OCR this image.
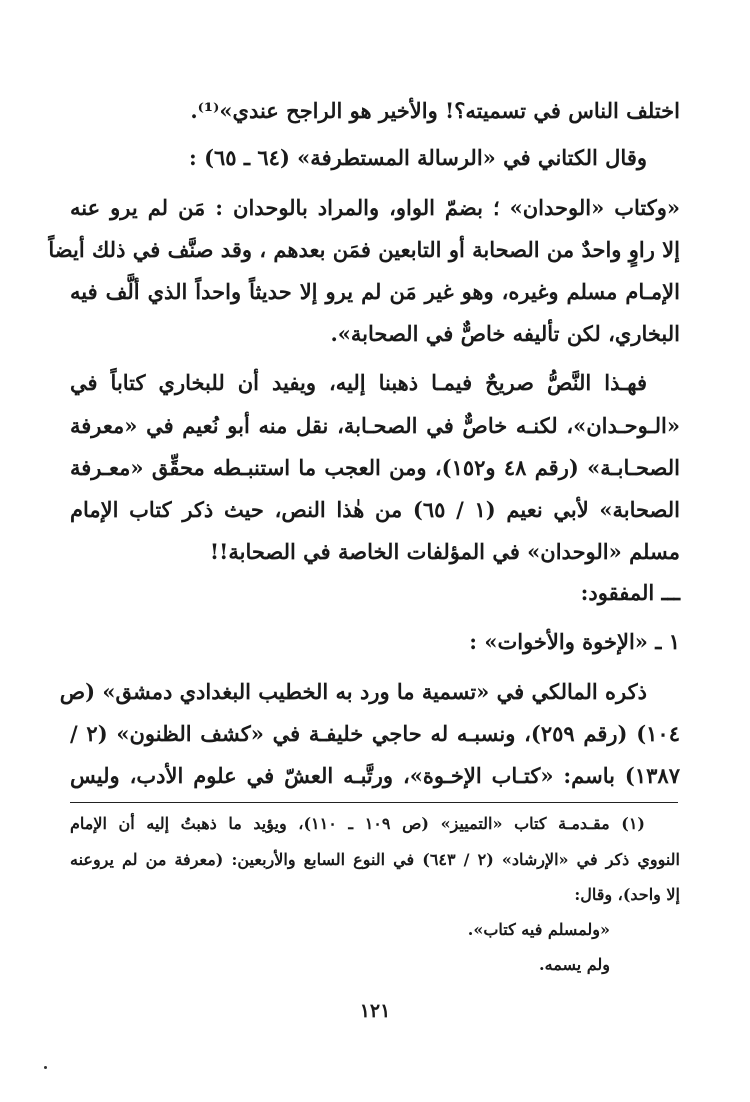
اختلف الناس في تسميته؟! والأخير هو الراجح عندي»⁽¹⁾.
وقال الكتاني في «الرسالة المستطرفة» (٦٤ ـ ٦٥) :
«وكتاب «الوحدان» ؛ بضمّ الواو، والمراد بالوحدان : مَن لم يرو عنه
إلا راوٍ واحدٌ من الصحابة أو التابعين فمَن بعدهم ، وقد صنَّف في ذلك أيضاً
الإمـام مسلم وغيره، وهو غير مَن لم يرو إلا حديثاً واحداً الذي ألَّف فيه
البخاري، لكن تأليفه خاصٌّ في الصحابة».
فهـذا النَّصُّ صريحٌ فيمـا ذهبنا إليه، ويفيد أن للبخاري كتاباً في
«الـوحـدان»، لكنـه خاصٌّ في الصحـابة، نقل منه أبو نُعيم في «معرفة
الصحـابـة» (رقم ٤٨ و١٥٢)، ومن العجب ما استنبـطه محقِّق «معـرفة
الصحابة» لأبي نعيم (١ / ٦٥) من هٰذا النص، حيث ذكر كتاب الإمام
مسلم «الوحدان» في المؤلفات الخاصة في الصحابة!!
ـــ المفقود:
١ ـ «الإخوة والأخوات» :
ذكره المالكي في «تسمية ما ورد به الخطيب البغدادي دمشق» (ص
١٠٤) (رقم ٢٥٩)، ونسبـه له حاجي خليفـة في «كشف الظنون» (٢ /
١٣٨٧) باسم: «كتـاب الإخـوة»، ورتَّبـه العشّ في علوم الأدب، وليس
(١) مقـدمـة كتاب «التمييز» (ص ١٠٩ ـ ١١٠)، ويؤيد ما ذهبتُ إليه أن الإمام
النووي ذكر في «الإرشاد» (٢ / ٦٤٣) في النوع السابع والأربعين: (معرفة من لم يروعنه
إلا واحد)، وقال:
«ولمسلم فيه كتاب».
ولم يسمه.
١٢١
